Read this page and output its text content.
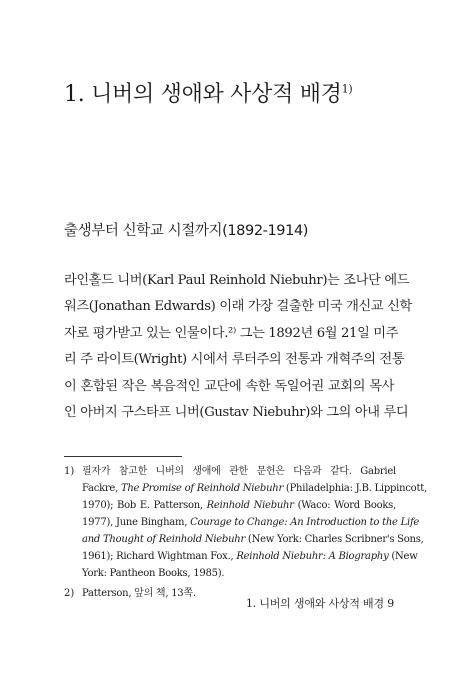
1. 니버의 생애와 사상적 배경$^{1)}$
출생부터 신학교 시절까지(1892-1914)
라인홀드 니버(Karl Paul Reinhold Niebuhr)는 조나단 에드
워즈(Jonathan Edwards) 이래 가장 걸출한 미국 개신교 신학
자로 평가받고 있는 인물이다.²⁾ 그는 1892년 6월 21일 미주
리 주 라이트(Wright) 시에서 루터주의 전통과 개혁주의 전통
이 혼합된 작은 복음적인 교단에 속한 독일어권 교회의 목사
인 아버지 구스타프 니버(Gustav Niebuhr)와 그의 아내 루디
1) 필자가 참고한 니버의 생애에 관한 문헌은 다음과 같다. Gabriel
Fackre, The Promise of Reinhold Niebuhr (Philadelphia: J.B. Lippincott,
1970); Bob E. Patterson, Reinhold Niebuhr (Waco: Word Books,
1977), June Bingham, Courage to Change: An Introduction to the Life
and Thought of Reinhold Niebuhr (New York: Charles Scribner's Sons,
1961); Richard Wightman Fox., Reinhold Niebuhr: A Biography (New
York: Pantheon Books, 1985).
2) Patterson, 앞의 책, 13쪽.
1. 니버의 생애와 사상적 배경 9
